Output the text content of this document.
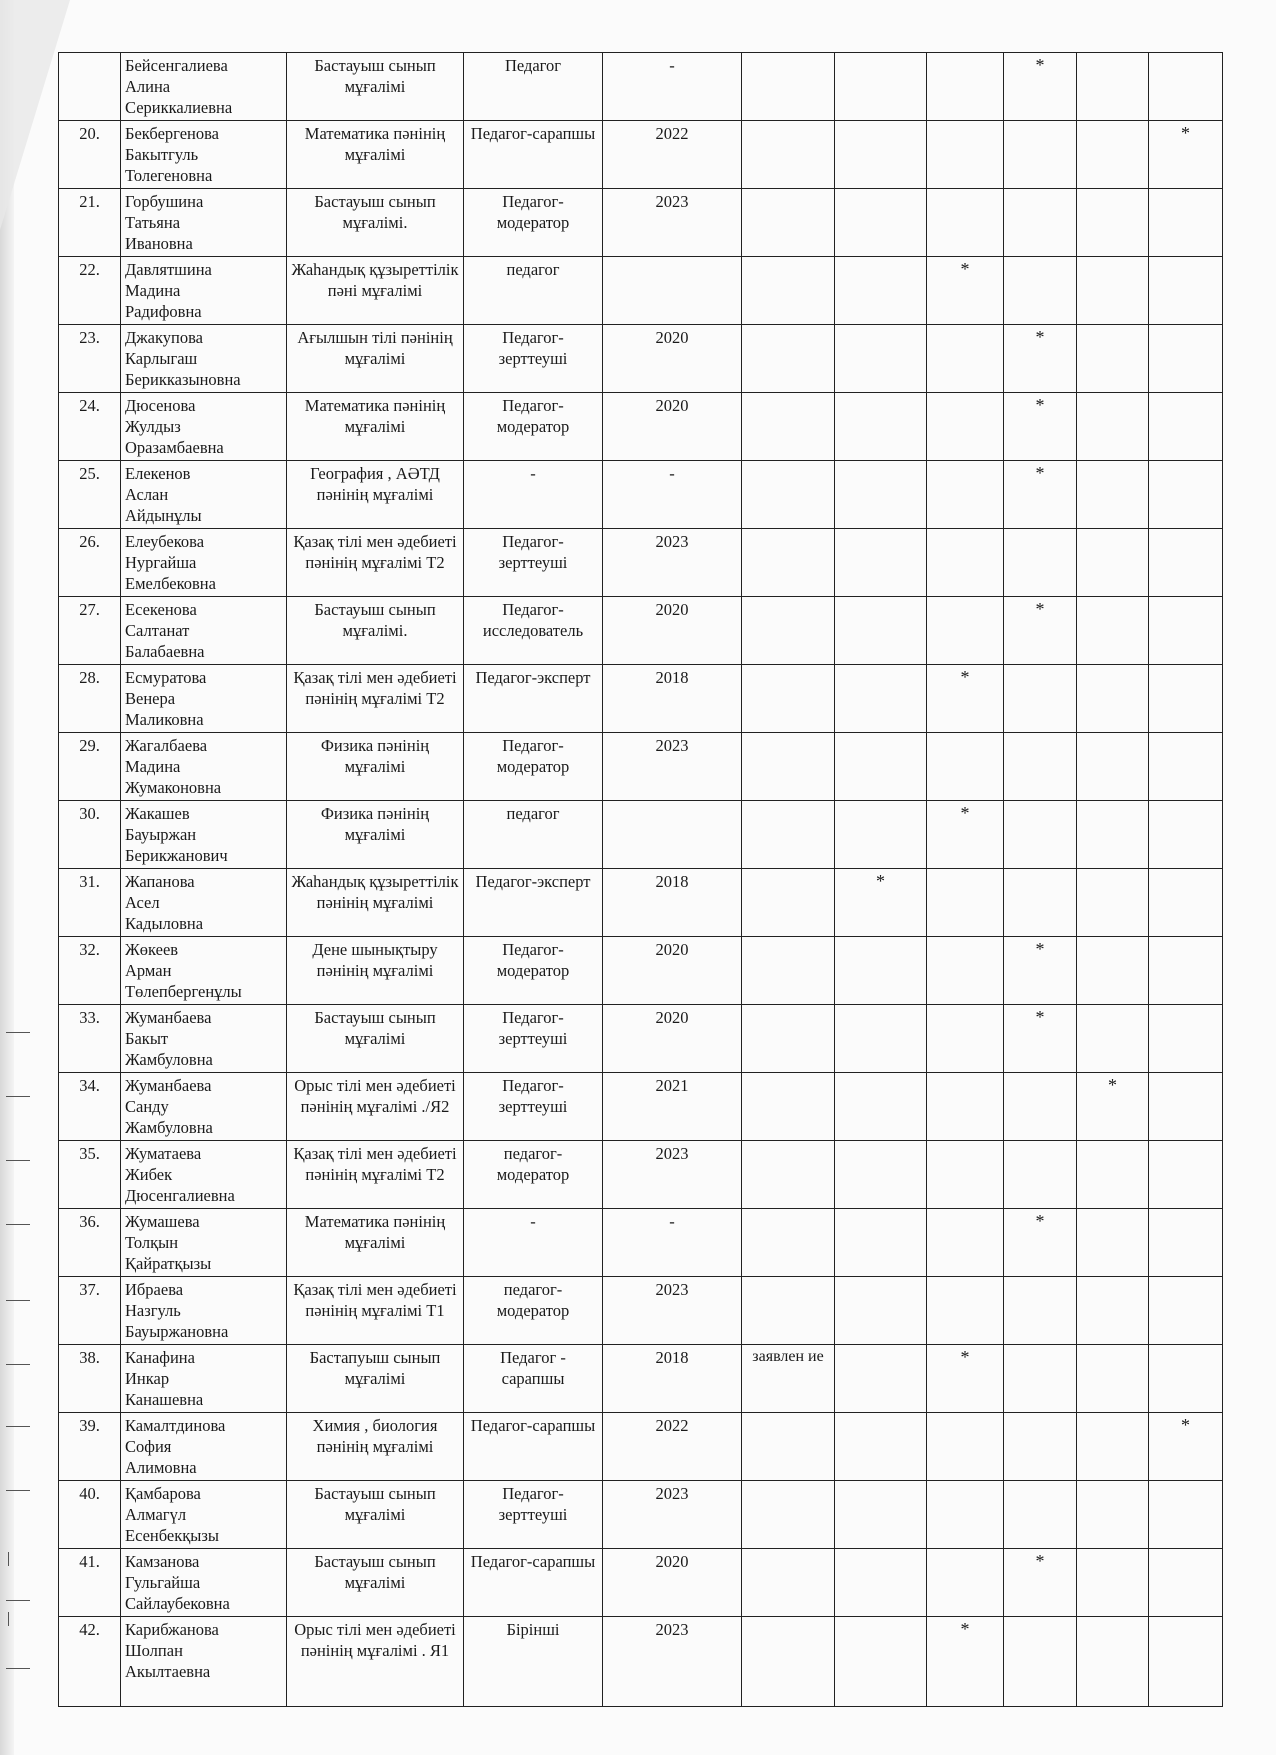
	Бейсенгалиева
Алина
Сериккалиевна	Бастауыш сынып мұғалімі	Педагог	-				*			
20.	Бекбергенова
Бакытгуль
Толегеновна	Математика пәнінің мұғалімі	Педагог-сарапшы	2022						*	
21.	Горбушина
Татьяна
Ивановна	Бастауыш сынып мұғалімі.	Педагог-модератор	2023							
22.	Давлятшина
Мадина
Радифовна	Жаһандық құзыреттілік пәні мұғалімі	педагог				*				
23.	Джакупова
Карлыгаш
Берикказыновна	Ағылшын тілі пәнінің мұғалімі	Педагог-зерттеуші	2020				*			
24.	Дюсенова
Жулдыз
Оразамбаевна	Математика пәнінің мұғалімі	Педагог-модератор	2020				*			
25.	Елекенов
Аслан
Айдынұлы	География , АӘТД пәнінің мұғалімі	-	-				*			
26.	Елеубекова
Нургайша
Емелбековна	Қазақ тілі мен әдебиеті пәнінің мұғалімі Т2	Педагог-зерттеуші	2023							
27.	Есекенова
Салтанат
Балабаевна	Бастауыш сынып мұғалімі.	Педагог-исследователь	2020				*			
28.	Есмуратова
Венера
Маликовна	Қазақ тілі мен әдебиеті пәнінің мұғалімі Т2	Педагог-эксперт	2018			*				
29.	Жагалбаева
Мадина
Жумаконовна	Физика пәнінің мұғалімі	Педагог-модератор	2023							
30.	Жакашев
Бауыржан
Берикжанович	Физика пәнінің мұғалімі	педагог				*				
31.	Жапанова
Асел
Кадыловна	Жаһандық құзыреттілік пәнінің мұғалімі	Педагог-эксперт	2018		*					
32.	Жөкеев
Арман
Төлепбергенұлы	Дене шынықтыру пәнінің мұғалімі	Педагог-модератор	2020				*			
33.	Жуманбаева
Бакыт
Жамбуловна	Бастауыш сынып мұғалімі	Педагог-зерттеуші	2020				*			
34.	Жуманбаева
Санду
Жамбуловна	Орыс тілі мен әдебиеті пәнінің мұғалімі ./Я2	Педагог-зерттеуші	2021					*		
35.	Жуматаева
Жибек
Дюсенгалиевна	Қазақ тілі мен әдебиеті пәнінің мұғалімі Т2	педагог-модератор	2023							
36.	Жумашева
Толқын
Қайратқызы	Математика пәнінің мұғалімі	-	-				*			
37.	Ибраева
Назгуль
Бауыржановна	Қазақ тілі мен әдебиеті пәнінің мұғалімі Т1	педагог-модератор	2023							
38.	Канафина
Инкар
Канашевна	Бастапуыш сынып мұғалімі	Педагог - сарапшы	2018	заявлен ие		*				
39.	Камалтдинова
София
Алимовна	Химия , биология пәнінің мұғалімі	Педагог-сарапшы	2022						*	
40.	Қамбарова
Алмагүл
Есенбекқызы	Бастауыш сынып мұғалімі	Педагог-зерттеуші	2023							
41.	Камзанова
Гульгайша
Сайлаубековна	Бастауыш сынып мұғалімі	Педагог-сарапшы	2020				*			
42.	Карибжанова
Шолпан
Акылтаевна	Орыс тілі мен әдебиеті пәнінің мұғалімі . Я1	Бірінші	2023			*				
